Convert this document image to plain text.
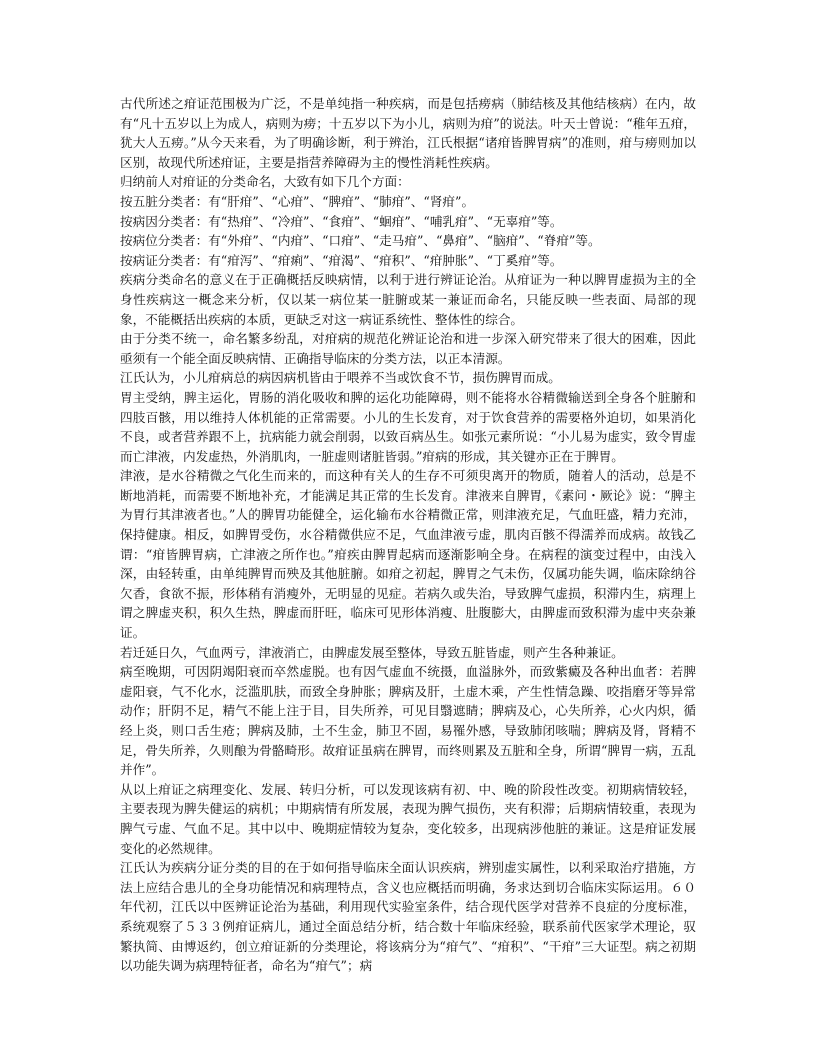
古代所述之疳证范围极为广泛，不是单纯指一种疾病，而是包括痨病（肺结核及其他结核病）在内，故有“凡十五岁以上为成人，病则为痨；十五岁以下为小儿，病则为疳”的说法。叶天士曾说：“稚年五疳，犹大人五痨。”从今天来看，为了明确诊断，利于辨治，江氏根据“诸疳皆脾胃病”的准则，疳与痨则加以区别，故现代所述疳证，主要是指营养障碍为主的慢性消耗性疾病。

归纳前人对疳证的分类命名，大致有如下几个方面：

按五脏分类者：有“肝疳”、“心疳”、“脾疳”、“肺疳”、“肾疳”。

按病因分类者：有“热疳”、“冷疳”、“食疳”、“蛔疳”、“哺乳疳”、“无辜疳”等。

按病位分类者：有“外疳”、“内疳”、“口疳”、“走马疳”、“鼻疳”、“脑疳”、“脊疳”等。

按病证分类者：有“疳泻”、“疳痢”、“疳渴”、“疳积”、“疳肿胀”、“丁奚疳”等。

疾病分类命名的意义在于正确概括反映病情，以利于进行辨证论治。从疳证为一种以脾胃虚损为主的全身性疾病这一概念来分析，仅以某一病位某一脏腑或某一兼证而命名，只能反映一些表面、局部的现象，不能概括出疾病的本质，更缺乏对这一病证系统性、整体性的综合。

由于分类不统一，命名繁多纷乱，对疳病的规范化辨证论治和进一步深入研究带来了很大的困难，因此亟须有一个能全面反映病情、正确指导临床的分类方法，以正本清源。

江氏认为，小儿疳病总的病因病机皆由于喂养不当或饮食不节，损伤脾胃而成。

胃主受纳，脾主运化，胃肠的消化吸收和脾的运化功能障碍，则不能将水谷精微输送到全身各个脏腑和四肢百骸，用以维持人体机能的正常需要。小儿的生长发育，对于饮食营养的需要格外迫切，如果消化不良，或者营养跟不上，抗病能力就会削弱，以致百病丛生。如张元素所说：“小儿易为虚实，致令胃虚而亡津液，内发虚热，外消肌肉，一脏虚则诸脏皆弱。”疳病的形成，其关键亦正在于脾胃。

津液，是水谷精微之气化生而来的，而这种有关人的生存不可须臾离开的物质，随着人的活动，总是不断地消耗，而需要不断地补充，才能满足其正常的生长发育。津液来自脾胃，《素问・厥论》说：“脾主为胃行其津液者也。”人的脾胃功能健全，运化输布水谷精微正常，则津液充足，气血旺盛，精力充沛，保持健康。相反，如脾胃受伤，水谷精微供应不足，气血津液亏虚，肌肉百骸不得濡养而成病。故钱乙谓：“疳皆脾胃病，亡津液之所作也。”疳疾由脾胃起病而逐渐影响全身。在病程的演变过程中，由浅入深，由轻转重，由单纯脾胃而殃及其他脏腑。如疳之初起，脾胃之气未伤，仅属功能失调，临床除纳谷欠香，食欲不振，形体稍有消瘦外，无明显的见症。若病久或失治，导致脾气虚损，积滞内生，病理上谓之脾虚夹积，积久生热，脾虚而肝旺，临床可见形体消瘦、肚腹膨大，由脾虚而致积滞为虚中夹杂兼证。

若迁延日久，气血两亏，津液消亡，由脾虚发展至整体，导致五脏皆虚，则产生各种兼证。

病至晚期，可因阴竭阳衰而卒然虚脱。也有因气虚血不统摄，血溢脉外，而致紫癜及各种出血者：若脾虚阳衰，气不化水，泛滥肌肤，而致全身肿胀；脾病及肝，土虚木乘，产生性情急躁、咬指磨牙等异常动作；肝阴不足，精气不能上注于目，目失所养，可见目翳遮睛；脾病及心，心失所养，心火内炽，循经上炎，则口舌生疮；脾病及肺，土不生金，肺卫不固，易罹外感，导致肺闭咳喘；脾病及肾，肾精不足，骨失所养，久则酿为骨骼畸形。故疳证虽病在脾胃，而终则累及五脏和全身，所谓“脾胃一病，五乱并作”。

从以上疳证之病理变化、发展、转归分析，可以发现该病有初、中、晚的阶段性改变。初期病情较轻，主要表现为脾失健运的病机；中期病情有所发展，表现为脾气损伤，夹有积滞；后期病情较重，表现为脾气亏虚、气血不足。其中以中、晚期症情较为复杂，变化较多，出现病涉他脏的兼证。这是疳证发展变化的必然规律。

江氏认为疾病分证分类的目的在于如何指导临床全面认识疾病，辨别虚实属性，以利采取治疗措施，方法上应结合患儿的全身功能情况和病理特点，含义也应概括而明确，务求达到切合临床实际运用。６０年代初，江氏以中医辨证论治为基础，利用现代实验室条件，结合现代医学对营养不良症的分度标准，系统观察了５３３例疳证病儿，通过全面总结分析，结合数十年临床经验，联系前代医家学术理论，驭繁执简、由博返约，创立疳证新的分类理论，将该病分为“疳气”、“疳积”、“干疳”三大证型。病之初期以功能失调为病理特征者，命名为“疳气”；病
